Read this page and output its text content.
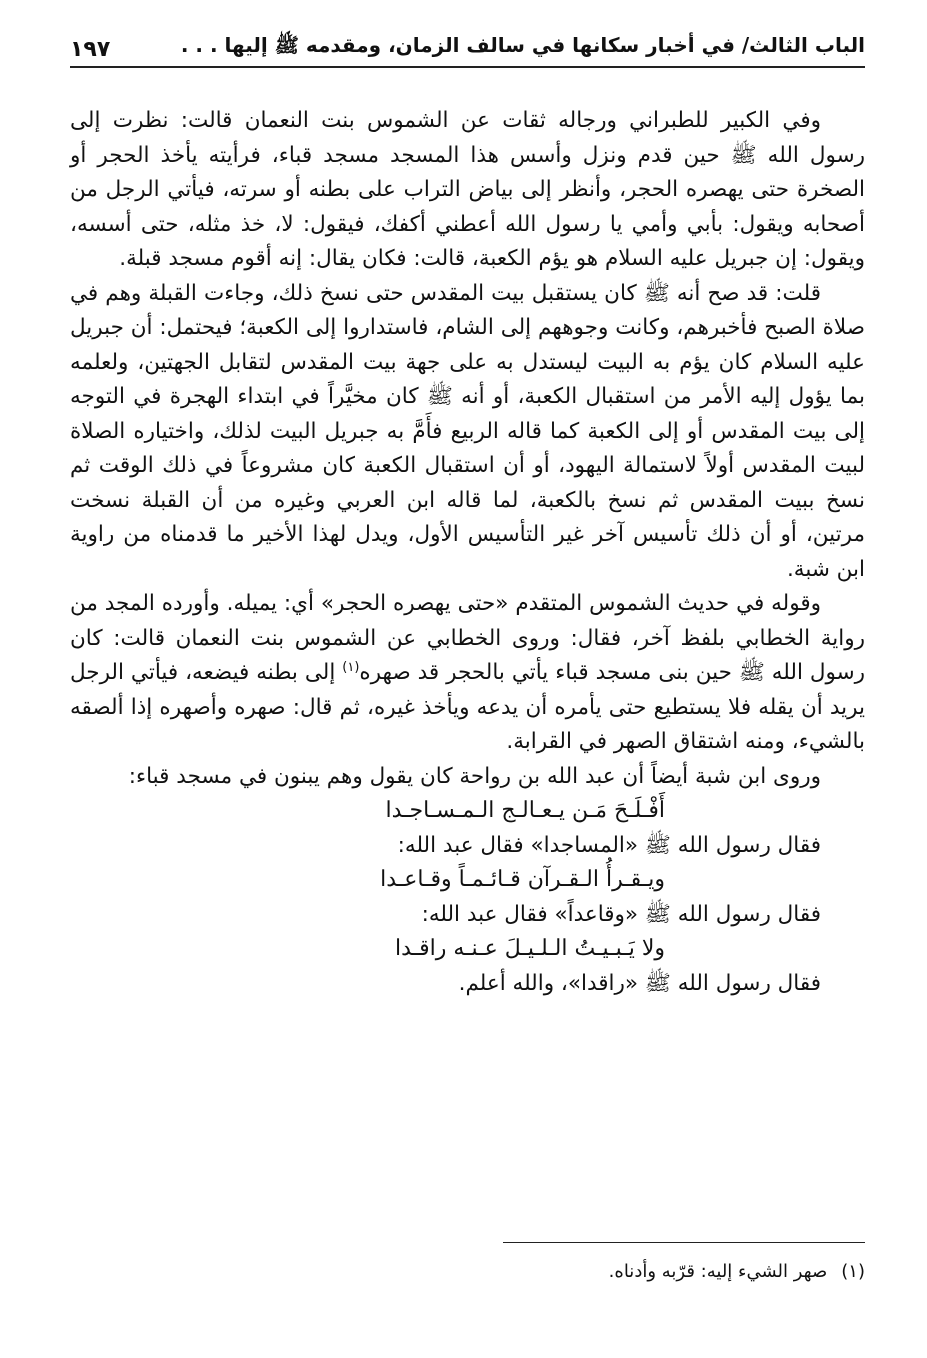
الباب الثالث/ في أخبار سكانها في سالف الزمان، ومقدمه ﷺ إليها . . .
١٩٧

وفي الكبير للطبراني ورجاله ثقات عن الشموس بنت النعمان قالت: نظرت إلى رسول الله ﷺ حين قدم ونزل وأسس هذا المسجد مسجد قباء، فرأيته يأخذ الحجر أو الصخرة حتى يهصره الحجر، وأنظر إلى بياض التراب على بطنه أو سرته، فيأتي الرجل من أصحابه ويقول: بأبي وأمي يا رسول الله أعطني أكفك، فيقول: لا، خذ مثله، حتى أسسه، ويقول: إن جبريل عليه السلام هو يؤم الكعبة، قالت: فكان يقال: إنه أقوم مسجد قبلة.

قلت: قد صح أنه ﷺ كان يستقبل بيت المقدس حتى نسخ ذلك، وجاءت القبلة وهم في صلاة الصبح فأخبرهم، وكانت وجوههم إلى الشام، فاستداروا إلى الكعبة؛ فيحتمل: أن جبريل عليه السلام كان يؤم به البيت ليستدل به على جهة بيت المقدس لتقابل الجهتين، ولعلمه بما يؤول إليه الأمر من استقبال الكعبة، أو أنه ﷺ كان مخيَّراً في ابتداء الهجرة في التوجه إلى بيت المقدس أو إلى الكعبة كما قاله الربيع فأَمَّ به جبريل البيت لذلك، واختياره الصلاة لبيت المقدس أولاً لاستمالة اليهود، أو أن استقبال الكعبة كان مشروعاً في ذلك الوقت ثم نسخ ببيت المقدس ثم نسخ بالكعبة، لما قاله ابن العربي وغيره من أن القبلة نسخت مرتين، أو أن ذلك تأسيس آخر غير التأسيس الأول، ويدل لهذا الأخير ما قدمناه من راوية ابن شبة.

وقوله في حديث الشموس المتقدم «حتى يهصره الحجر» أي: يميله. وأورده المجد من رواية الخطابي بلفظ آخر، فقال: وروى الخطابي عن الشموس بنت النعمان قالت: كان رسول الله ﷺ حين بنى مسجد قباء يأتي بالحجر قد صهره$^{(١)}$ إلى بطنه فيضعه، فيأتي الرجل يريد أن يقله فلا يستطيع حتى يأمره أن يدعه ويأخذ غيره، ثم قال: صهره وأصهره إذا ألصقه بالشيء، ومنه اشتقاق الصهر في القرابة.

وروى ابن شبة أيضاً أن عبد الله بن رواحة كان يقول وهم يبنون في مسجد قباء:

أَفْـلَـحَ مَـن يـعـالـج الـمـسـاجـدا

فقال رسول الله ﷺ «المساجدا» فقال عبد الله:

ويـقـرأُ الـقـرآن قـائـمـاً وقـاعـدا

فقال رسول الله ﷺ «وقاعداً» فقال عبد الله:

ولا يَـبـيـتُ الـلـيـلَ عـنـه راقـدا

فقال رسول الله ﷺ «راقدا»، والله أعلم.

(١)صهر الشيء إليه: قرّبه وأدناه.
